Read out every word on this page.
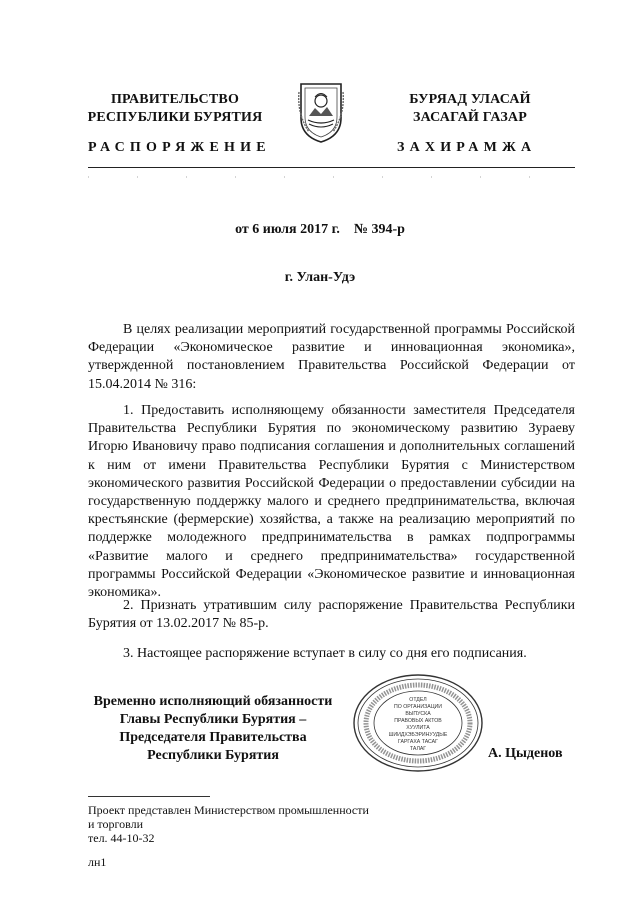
ПРАВИТЕЛЬСТВО
РЕСПУБЛИКИ БУРЯТИЯ
БУРЯАД УЛАСАЙ
ЗАСАГАЙ ГАЗАР
РАСПОРЯЖЕНИЕ	ЗАХИРАМЖА
от 6 июля 2017 г. № 394-р
г. Улан-Удэ
В целях реализации мероприятий государственной программы Российской Федерации «Экономическое развитие и инновационная экономика», утвержденной постановлением Правительства Российской Федерации от 15.04.2014 № 316:
1. Предоставить исполняющему обязанности заместителя Председателя Правительства Республики Бурятия по экономическому развитию Зураеву Игорю Ивановичу право подписания соглашения и дополнительных соглашений к ним от имени Правительства Республики Бурятия с Министерством экономического развития Российской Федерации о предоставлении субсидии на государственную поддержку малого и среднего предпринимательства, включая крестьянские (фермерские) хозяйства, а также на реализацию мероприятий по поддержке молодежного предпринимательства в рамках подпрограммы «Развитие малого и среднего предпринимательства» государственной программы Российской Федерации «Экономическое развитие и инновационная экономика».
2. Признать утратившим силу распоряжение Правительства Республики Бурятия от 13.02.2017 № 85-р.
3. Настоящее распоряжение вступает в силу со дня его подписания.
Временно исполняющий обязанности
Главы Республики Бурятия –
Председателя Правительства
Республики Бурятия
ОТДЕЛ
ПО ОРГАНИЗАЦИИ
ВЫПУСКА
ПРАВОВЫХ АКТОВ
ХУУЛИТА
ШИИДХЭБЭРИНУУДЫЕ
ГАРГАХА ТАСАГ
ТАЛАГ	А. Цыденов
Проект представлен Министерством промышленности
и торговли
тел. 44-10-32
лн1
